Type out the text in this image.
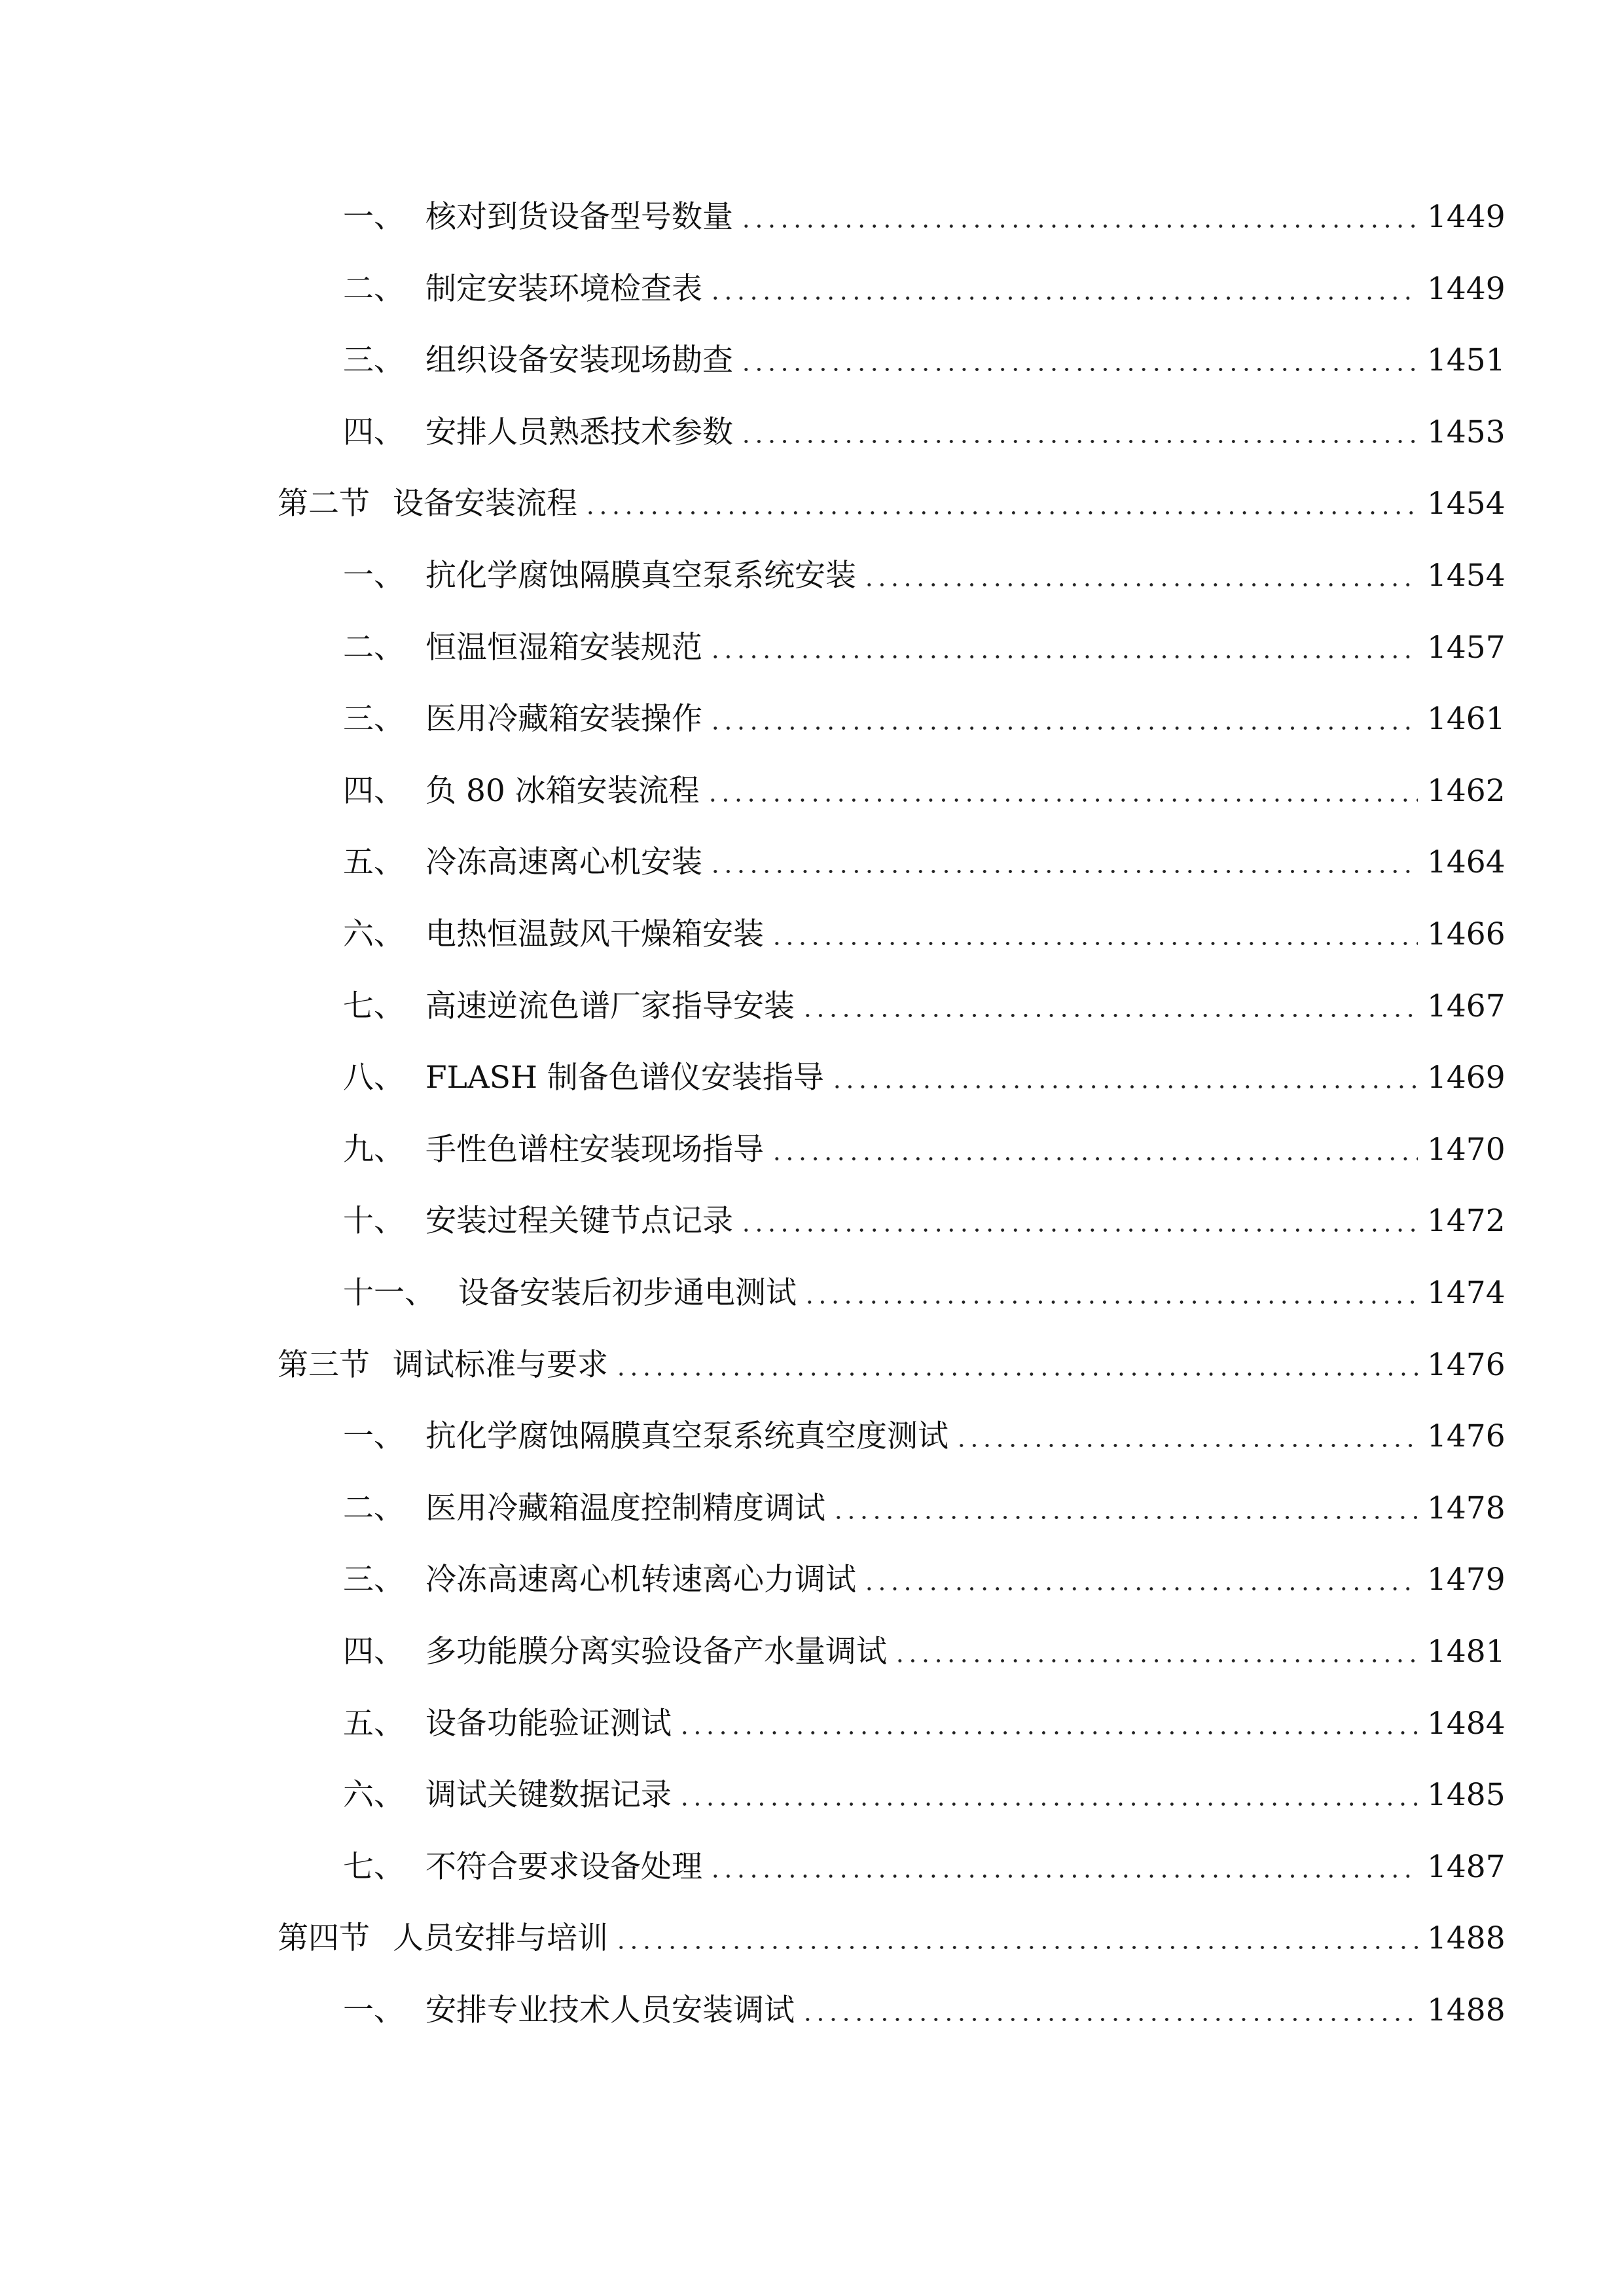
一、 核对到货设备型号数量	1449
二、 制定安装环境检查表	1449
三、 组织设备安装现场勘查	1451
四、 安排人员熟悉技术参数	1453
第二节 设备安装流程	1454
一、 抗化学腐蚀隔膜真空泵系统安装	1454
二、 恒温恒湿箱安装规范	1457
三、 医用冷藏箱安装操作	1461
四、 负 80 冰箱安装流程	1462
五、 冷冻高速离心机安装	1464
六、 电热恒温鼓风干燥箱安装	1466
七、 高速逆流色谱厂家指导安装	1467
八、 FLASH 制备色谱仪安装指导	1469
九、 手性色谱柱安装现场指导	1470
十、 安装过程关键节点记录	1472
十一、 设备安装后初步通电测试	1474
第三节 调试标准与要求	1476
一、 抗化学腐蚀隔膜真空泵系统真空度测试	1476
二、 医用冷藏箱温度控制精度调试	1478
三、 冷冻高速离心机转速离心力调试	1479
四、 多功能膜分离实验设备产水量调试	1481
五、 设备功能验证测试	1484
六、 调试关键数据记录	1485
七、 不符合要求设备处理	1487
第四节 人员安排与培训	1488
一、 安排专业技术人员安装调试	1488
